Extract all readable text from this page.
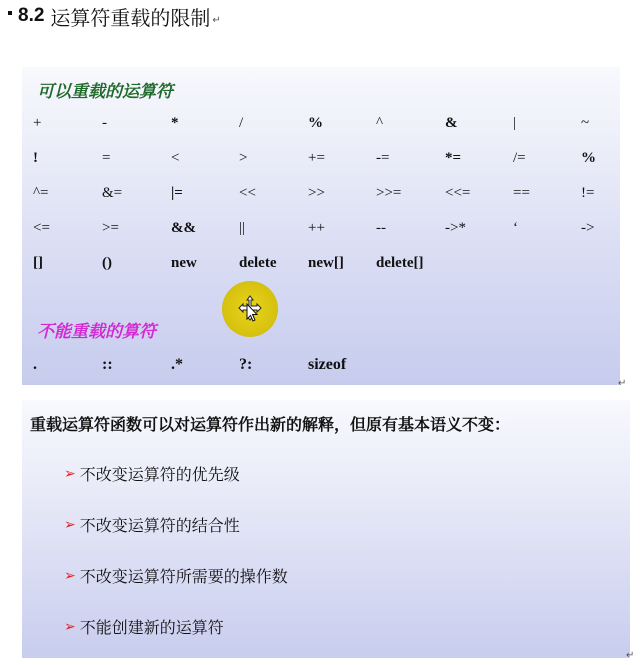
8.2 运算符重载的限制 ↵
可以重载的运算符
+	-	*	/	%	^	&	|	~
!	=	<	>	+=	-=	*=	/=	%
^=	&=	|=	<<	>>	>>=	<<=	==	!=
<=	>=	&&	||	++	--	->*	‘	->
[]	()	new	delete	new[]	delete[]
不能重载的算符
.	::	.*	?:	sizeof
↵
重载运算符函数可以对运算符作出新的解释，但原有基本语义不变：
➢ 不改变运算符的优先级
➢ 不改变运算符的结合性
➢ 不改变运算符所需要的操作数
➢ 不能创建新的运算符
↵
